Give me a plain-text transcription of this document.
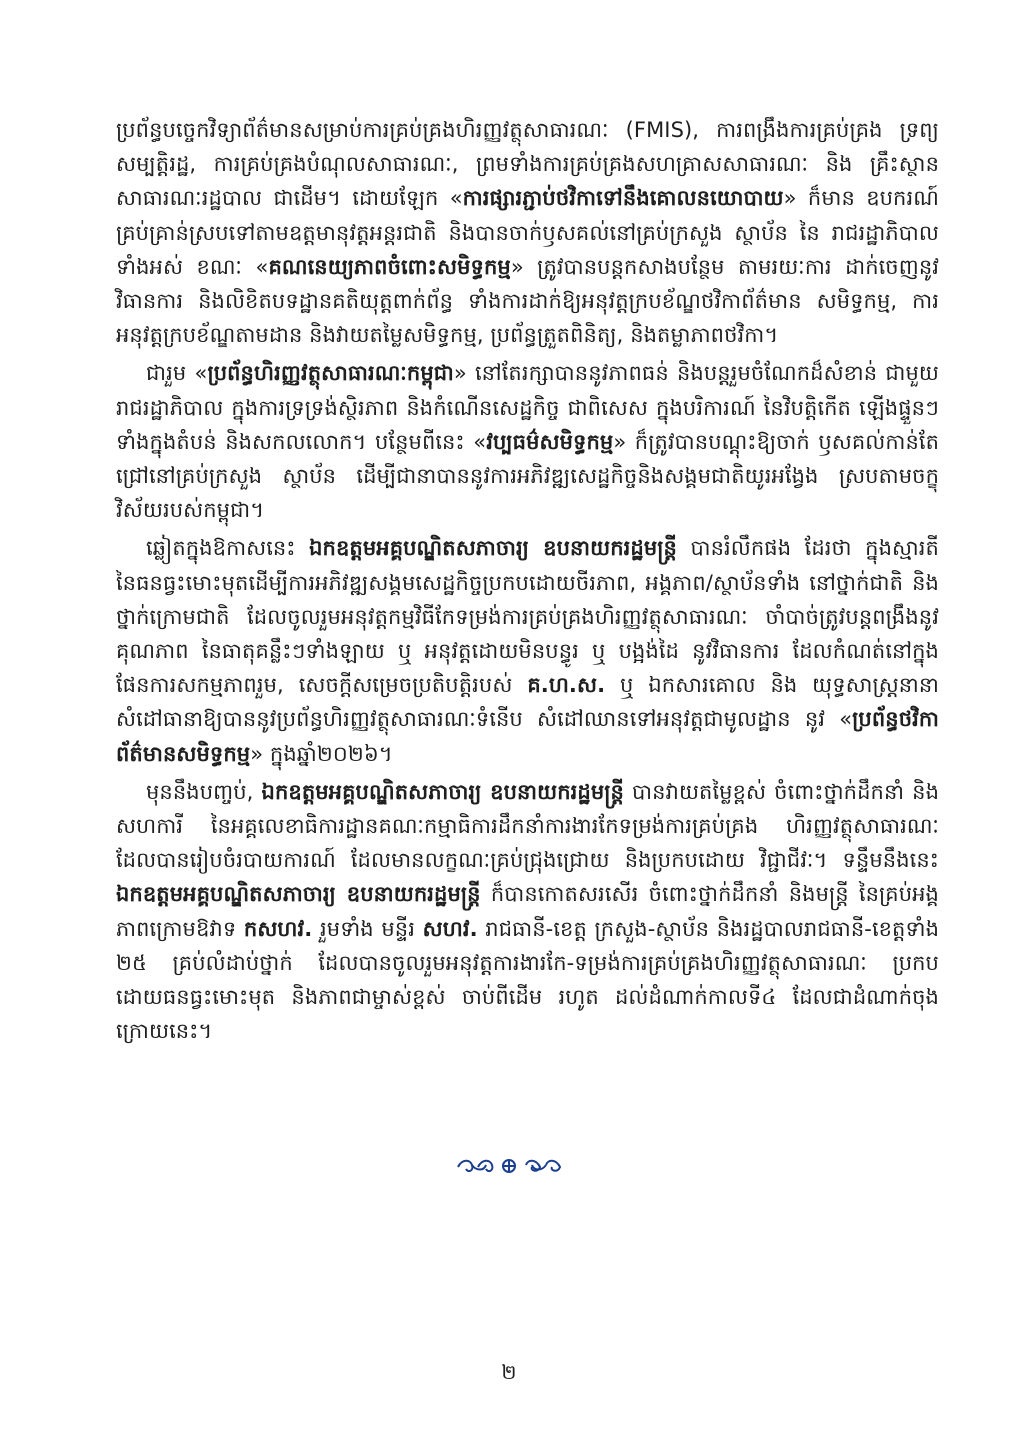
ប្រព័ន្ធបច្ចេកវិទ្យាព័ត៌មានសម្រាប់ការគ្រប់គ្រងហិរញ្ញវត្ថុសាធារណៈ (FMIS), ការពង្រឹងការគ្រប់គ្រង ទ្រព្យសម្បត្តិរដ្ឋ, ការគ្រប់គ្រងបំណុលសាធារណៈ, ព្រមទាំងការគ្រប់គ្រងសហគ្រាសសាធារណៈ និង គ្រឹះស្ថានសាធារណៈរដ្ឋបាល ជាដើម។ ដោយឡែក «ការផ្សារភ្ជាប់ថវិកាទៅនឹងគោលនយោបាយ» ក៏មាន ឧបករណ៍គ្រប់គ្រាន់ស្របទៅតាមឧត្តមានុវត្តអន្តរជាតិ និងបានចាក់ឫសគល់នៅគ្រប់ក្រសួង ស្ថាប័ន នៃ រាជរដ្ឋាភិបាលទាំងអស់ ខណៈ «គណនេយ្យភាពចំពោះសមិទ្ធកម្ម» ត្រូវបានបន្តកសាងបន្ថែម តាមរយៈការ ដាក់ចេញនូវវិធានការ និងលិខិតបទដ្ឋានគតិយុត្តពាក់ព័ន្ធ ទាំងការដាក់ឱ្យអនុវត្តក្របខ័ណ្ឌថវិកាព័ត៌មាន សមិទ្ធកម្ម, ការអនុវត្តក្របខ័ណ្ឌតាមដាន និងវាយតម្លៃសមិទ្ធកម្ម, ប្រព័ន្ធត្រួតពិនិត្យ, និងតម្លាភាពថវិកា។

ជារួម «ប្រព័ន្ធហិរញ្ញវត្ថុសាធារណៈកម្ពុជា» នៅតែរក្សាបាននូវភាពធន់ និងបន្តរួមចំណែកដ៏សំខាន់ ជាមួយរាជរដ្ឋាភិបាល ក្នុងការទ្រទ្រង់ស្ថិរភាព និងកំណើនសេដ្ឋកិច្ច ជាពិសេស ក្នុងបរិការណ៍ នៃវិបត្តិកើត ឡើងផ្ទួនៗ ទាំងក្នុងតំបន់ និងសកលលោក។ បន្ថែមពីនេះ «វប្បធម៌សមិទ្ធកម្ម» ក៏ត្រូវបានបណ្តុះឱ្យចាក់ ឫសគល់កាន់តែជ្រៅនៅគ្រប់ក្រសួង ស្ថាប័ន ដើម្បីជានាបាននូវការអភិវឌ្ឍសេដ្ឋកិច្ចនិងសង្គមជាតិយូរអង្វែង ស្របតាមចក្ខុវិស័យរបស់កម្ពុជា។

ឆ្លៀតក្នុងឱកាសនេះ ឯកឧត្តមអគ្គបណ្ឌិតសភាចារ្យ ឧបនាយករដ្ឋមន្ត្រី បានរំលឹកផង ដែរថា ក្នុងស្មារតី នៃធនធ្វះមោះមុតដើម្បីការអភិវឌ្ឍសង្គមសេដ្ឋកិច្ចប្រកបដោយចីរភាព, អង្គភាព/ស្ថាប័នទាំង នៅថ្នាក់ជាតិ និងថ្នាក់ក្រោមជាតិ ដែលចូលរួមអនុវត្តកម្មវិធីកែទម្រង់ការគ្រប់គ្រងហិរញ្ញវត្ថុសាធារណៈ ចាំបាច់ត្រូវបន្តពង្រឹងនូវគុណភាព នៃធាតុគន្លឹះៗទាំងឡាយ ឬ អនុវត្តដោយមិនបន្ធូរ ឬ បង្អង់ដៃ នូវវិធានការ ដែលកំណត់នៅក្នុងផែនការសកម្មភាពរួម, សេចក្តីសម្រេចប្រតិបត្តិរបស់ គ.ហ.ស. ឬ ឯកសារគោល និង យុទ្ធសាស្ត្រនានា សំដៅធានាឱ្យបាននូវប្រព័ន្ធហិរញ្ញវត្ថុសាធារណៈទំនើប សំដៅឈានទៅអនុវត្តជាមូលដ្ឋាន នូវ «ប្រព័ន្ធថវិកាព័ត៌មានសមិទ្ធកម្ម» ក្នុងឆ្នាំ២០២៦។

មុននឹងបញ្ចប់, ឯកឧត្តមអគ្គបណ្ឌិតសភាចារ្យ ឧបនាយករដ្ឋមន្ត្រី បានវាយតម្លៃខ្ពស់ ចំពោះថ្នាក់ដឹកនាំ និងសហការី នៃអគ្គលេខាធិការដ្ឋានគណៈកម្មាធិការដឹកនាំការងារកែទម្រង់ការគ្រប់គ្រង ហិរញ្ញវត្ថុសាធារណៈ ដែលបានរៀបចំរបាយការណ៍ ដែលមានលក្ខណៈគ្រប់ជ្រុងជ្រោយ និងប្រកបដោយ វិជ្ជាជីវៈ។ ទន្ទឹមនឹងនេះ ឯកឧត្តមអគ្គបណ្ឌិតសភាចារ្យ ឧបនាយករដ្ឋមន្ត្រី ក៏បានកោតសរសើរ ចំពោះថ្នាក់ដឹកនាំ និងមន្ត្រី នៃគ្រប់អង្គភាពក្រោមឱវាទ កសហវ. រួមទាំង មន្ទីរ សហវ. រាជធានី-ខេត្ត ក្រសួង-ស្ថាប័ន និងរដ្ឋបាលរាជធានី-ខេត្តទាំង ២៥ គ្រប់លំដាប់ថ្នាក់ ដែលបានចូលរួមអនុវត្តការងារកែ-ទម្រង់ការគ្រប់គ្រងហិរញ្ញវត្ថុសាធារណៈ ប្រកបដោយធនធ្វះមោះមុត និងភាពជាម្ចាស់ខ្ពស់ ចាប់ពីដើម រហូត ដល់ដំណាក់កាលទី៤ ដែលជាដំណាក់ចុងក្រោយនេះ។

២
